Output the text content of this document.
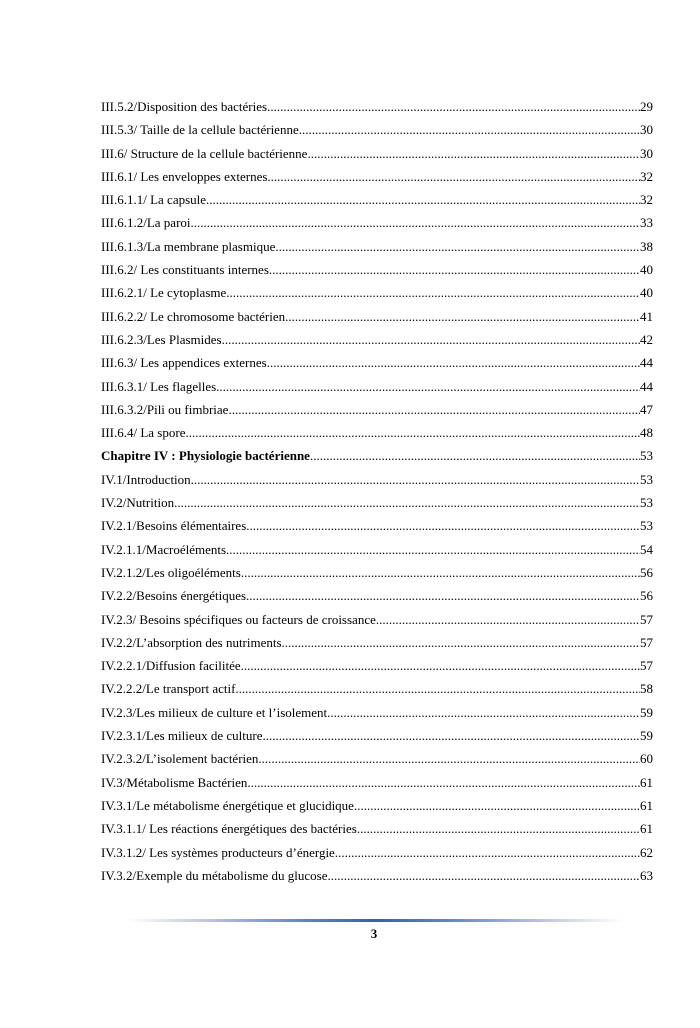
III.5.2/Disposition des bactéries .....	29
III.5.3/ Taille de la cellule bactérienne .....	30
III.6/ Structure de la cellule bactérienne .....	30
III.6.1/ Les enveloppes externes .....	32
III.6.1.1/ La capsule .....	32
III.6.1.2/La paroi .....	33
III.6.1.3/La membrane plasmique .....	38
III.6.2/ Les constituants internes .....	40
III.6.2.1/ Le cytoplasme .....	40
III.6.2.2/ Le chromosome bactérien .....	41
III.6.2.3/Les Plasmides .....	42
III.6.3/ Les appendices externes .....	44
III.6.3.1/ Les flagelles .....	44
III.6.3.2/Pili ou fimbriae .....	47
III.6.4/ La spore .....	48
Chapitre IV : Physiologie bactérienne .....	53
IV.1/Introduction .....	53
IV.2/Nutrition .....	53
IV.2.1/Besoins élémentaires .....	53
IV.2.1.1/Macroéléments .....	54
IV.2.1.2/Les oligoéléments .....	56
IV.2.2/Besoins énergétiques .....	56
IV.2.3/ Besoins spécifiques ou facteurs de croissance .....	57
IV.2.2/L’absorption des nutriments .....	57
IV.2.2.1/Diffusion facilitée .....	57
IV.2.2.2/Le transport actif .....	58
IV.2.3/Les milieux de culture et l’isolement .....	59
IV.2.3.1/Les milieux de culture .....	59
IV.2.3.2/L’isolement bactérien .....	60
IV.3/Métabolisme Bactérien .....	61
IV.3.1/Le métabolisme énergétique et glucidique .....	61
IV.3.1.1/ Les réactions énergétiques des bactéries. .....	61
IV.3.1.2/ Les systèmes producteurs d’énergie .....	62
IV.3.2/Exemple du métabolisme du glucose .....	63
3
